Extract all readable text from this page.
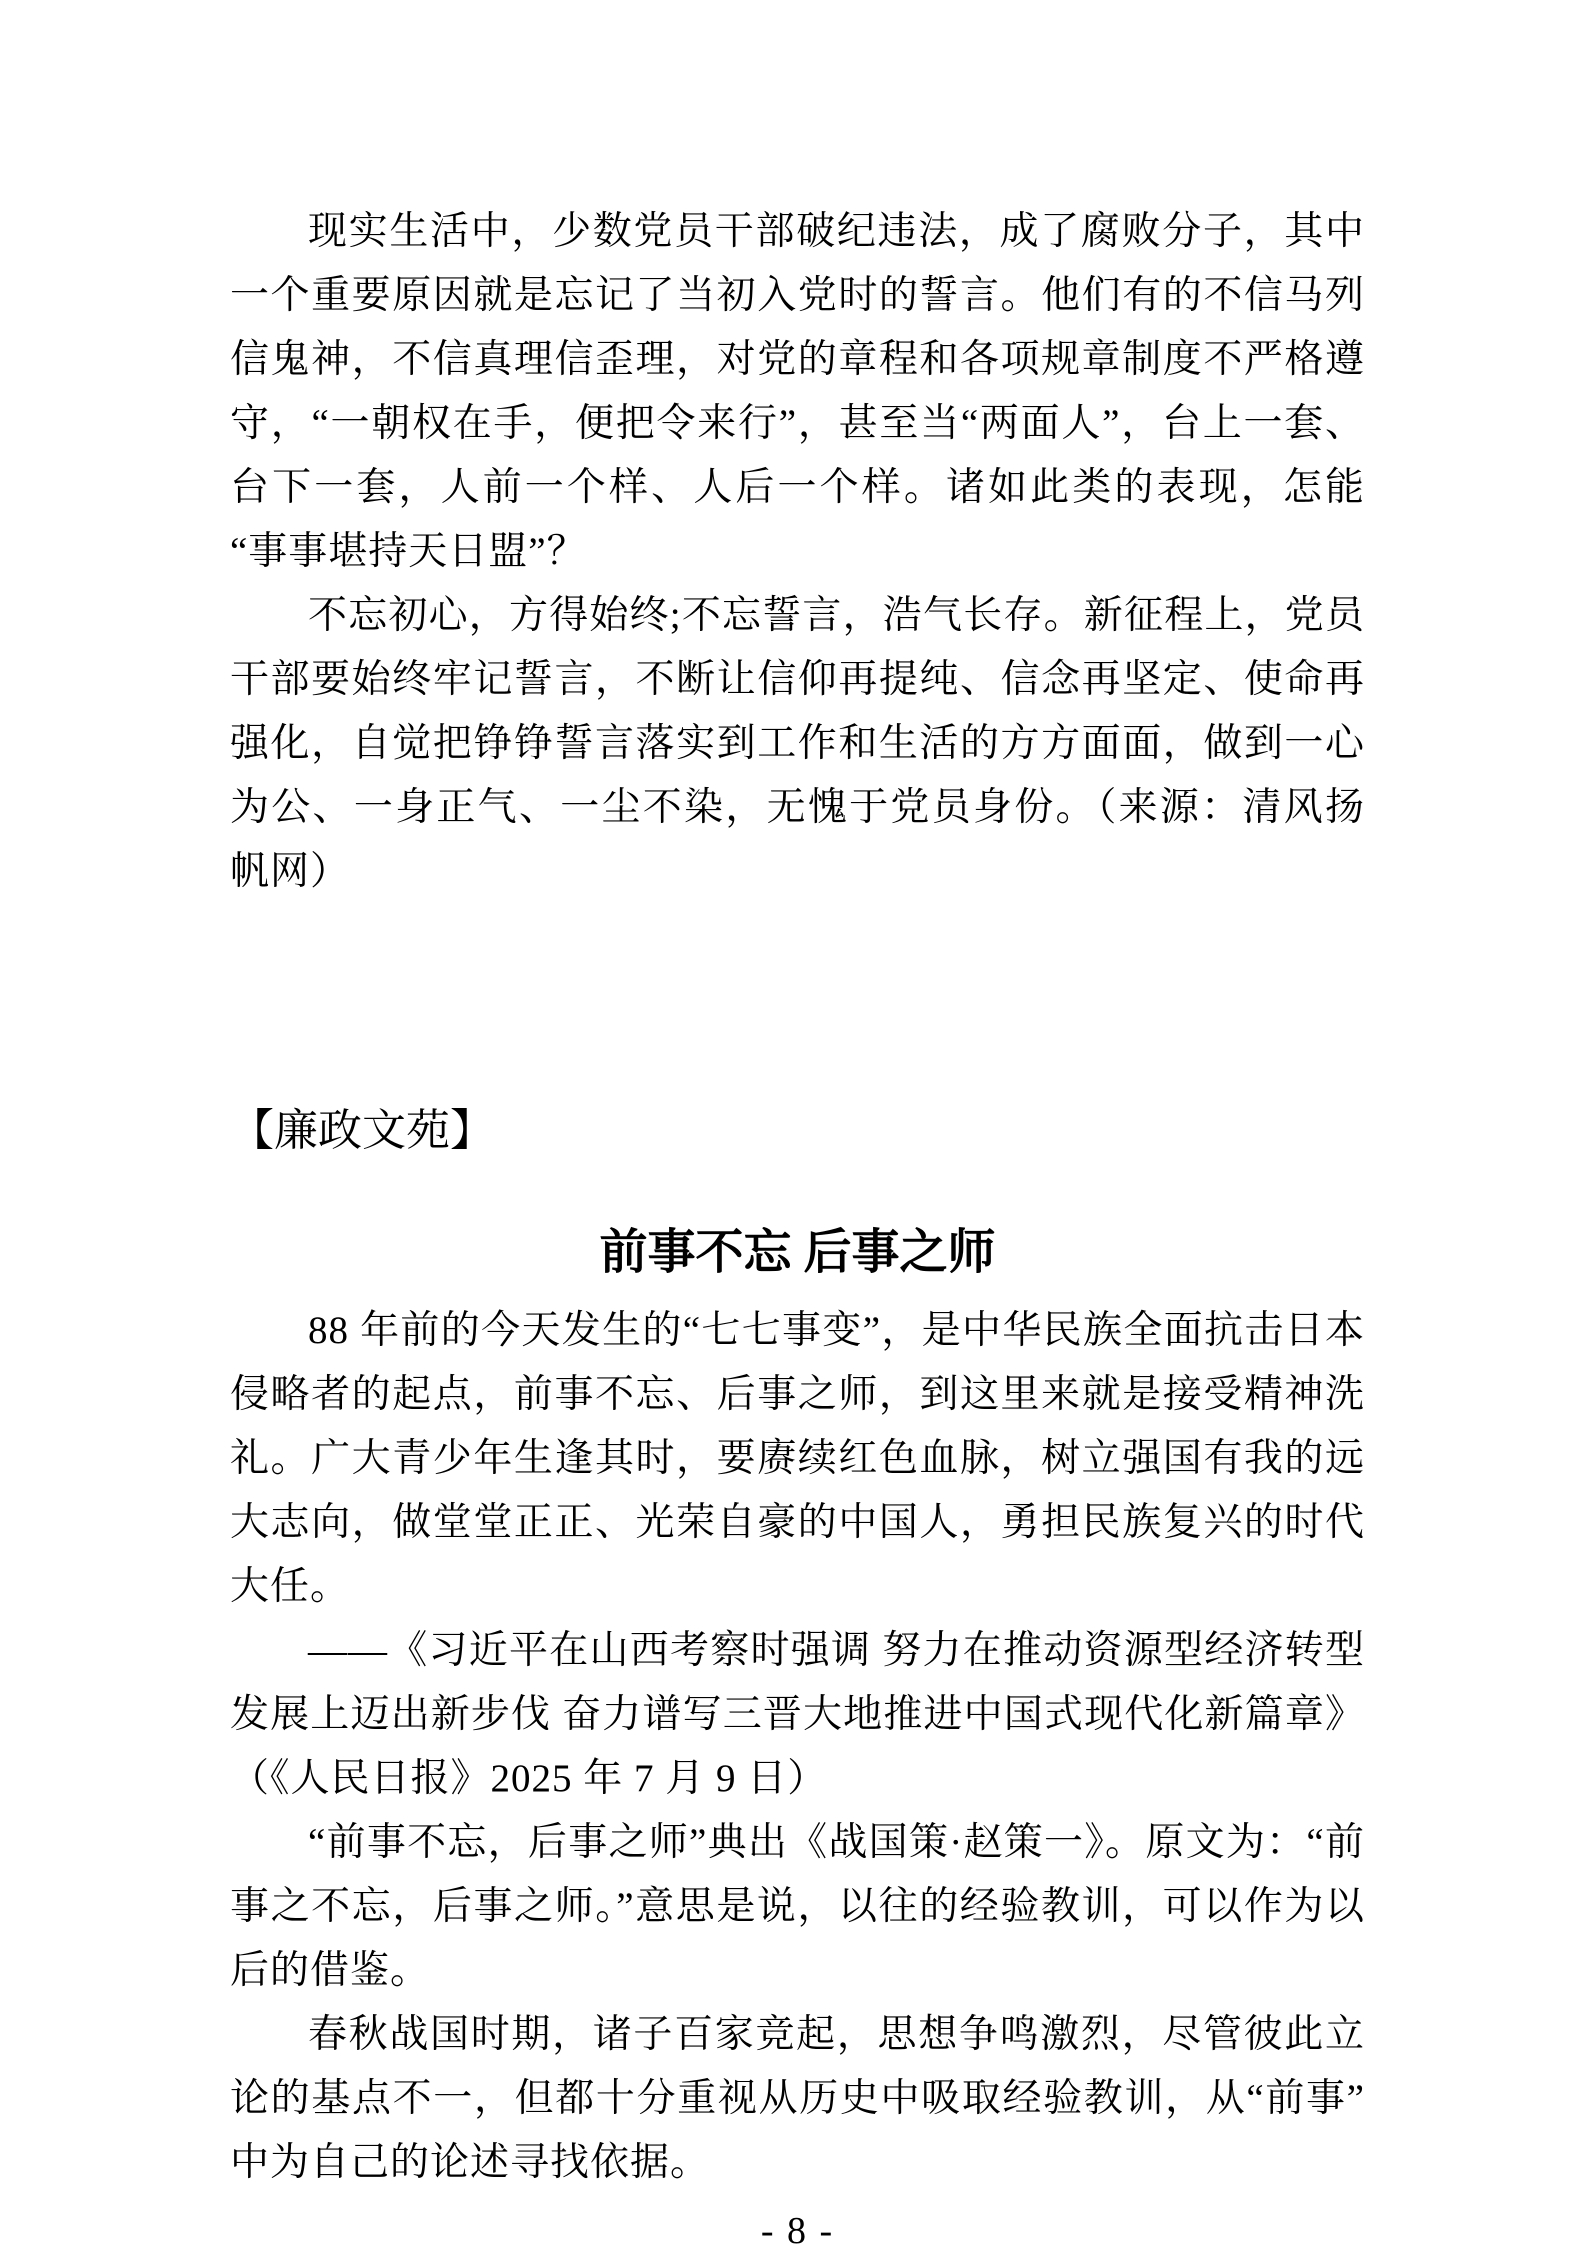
现实生活中，少数党员干部破纪违法，成了腐败分子，其中一个重要原因就是忘记了当初入党时的誓言。他们有的不信马列信鬼神，不信真理信歪理，对党的章程和各项规章制度不严格遵守，“一朝权在手，便把令来行”，甚至当“两面人”，台上一套、台下一套，人前一个样、人后一个样。诸如此类的表现，怎能“事事堪持天日盟”？

不忘初心，方得始终;不忘誓言，浩气长存。新征程上，党员干部要始终牢记誓言，不断让信仰再提纯、信念再坚定、使命再强化，自觉把铮铮誓言落实到工作和生活的方方面面，做到一心为公、一身正气、一尘不染，无愧于党员身份。（来源：清风扬帆网）

【廉政文苑】
前事不忘 后事之师

88 年前的今天发生的“七七事变”，是中华民族全面抗击日本侵略者的起点，前事不忘、后事之师，到这里来就是接受精神洗礼。广大青少年生逢其时，要赓续红色血脉，树立强国有我的远大志向，做堂堂正正、光荣自豪的中国人，勇担民族复兴的时代大任。

——《习近平在山西考察时强调 努力在推动资源型经济转型发展上迈出新步伐 奋力谱写三晋大地推进中国式现代化新篇章》（《人民日报》2025 年 7 月 9 日）

“前事不忘，后事之师”典出《战国策·赵策一》。原文为：“前事之不忘，后事之师。”意思是说，以往的经验教训，可以作为以后的借鉴。

春秋战国时期，诸子百家竞起，思想争鸣激烈，尽管彼此立论的基点不一，但都十分重视从历史中吸取经验教训，从“前事”中为自己的论述寻找依据。

- 8 -
